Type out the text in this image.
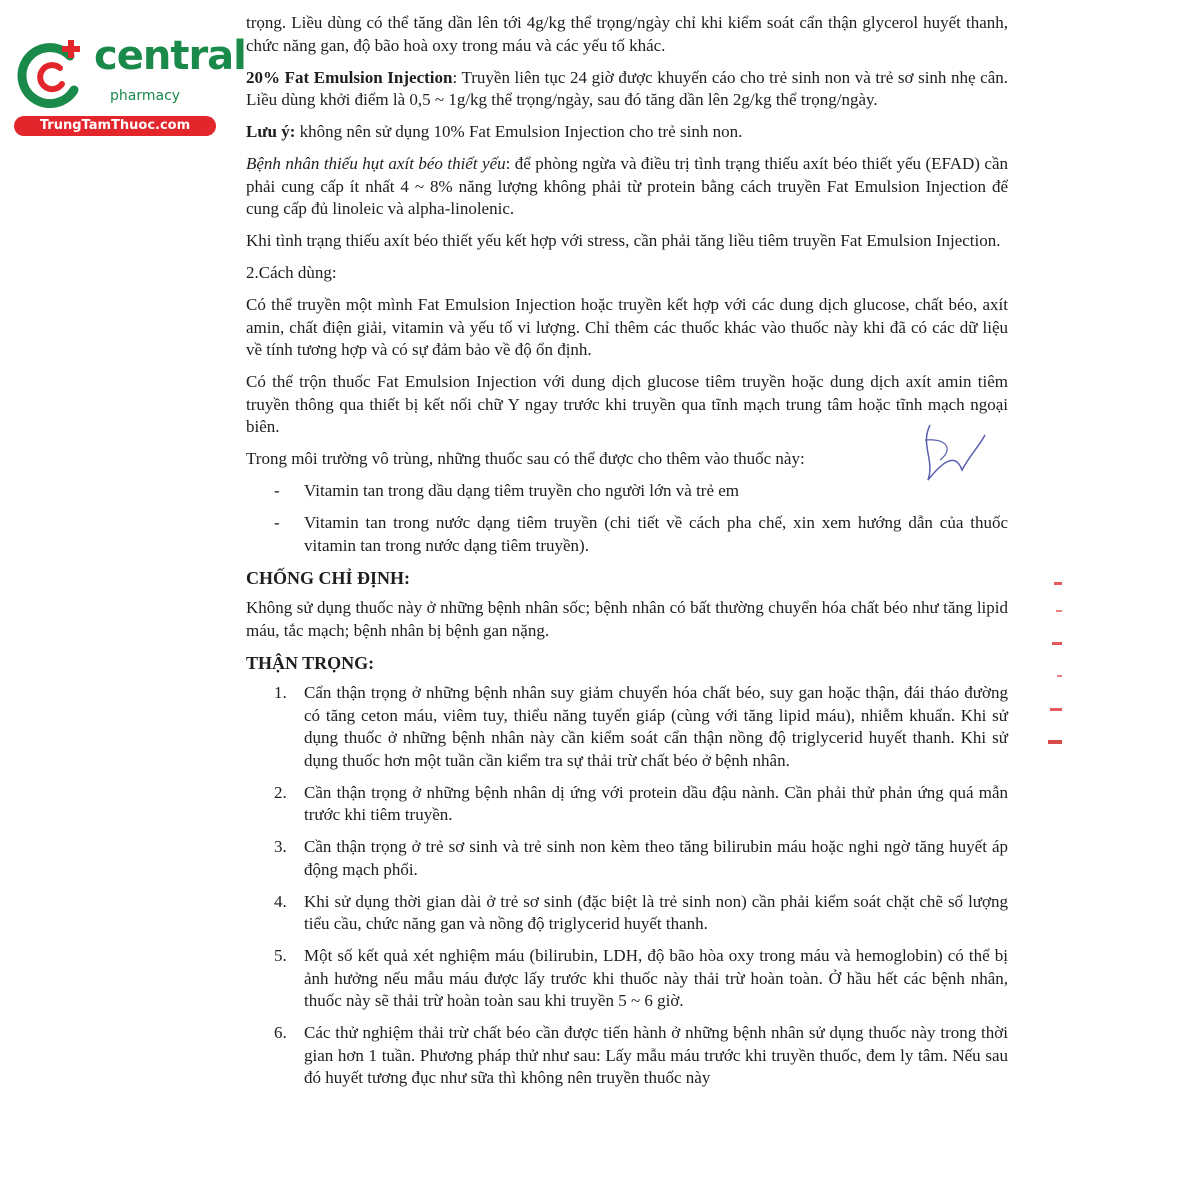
central
pharmacy
TrungTamThuoc.com

trọng. Liều dùng có thể tăng dần lên tới 4g/kg thể trọng/ngày chỉ khi kiểm soát cẩn thận glycerol huyết thanh, chức năng gan, độ bão hoà oxy trong máu và các yếu tố khác.

20% Fat Emulsion Injection: Truyền liên tục 24 giờ được khuyến cáo cho trẻ sinh non và trẻ sơ sinh nhẹ cân. Liều dùng khởi điểm là 0,5 ~ 1g/kg thể trọng/ngày, sau đó tăng dần lên 2g/kg thể trọng/ngày.

Lưu ý: không nên sử dụng 10% Fat Emulsion Injection cho trẻ sinh non.

Bệnh nhân thiếu hụt axít béo thiết yếu: để phòng ngừa và điều trị tình trạng thiếu axít béo thiết yếu (EFAD) cần phải cung cấp ít nhất 4 ~ 8% năng lượng không phải từ protein bằng cách truyền Fat Emulsion Injection để cung cấp đủ linoleic và alpha-linolenic.

Khi tình trạng thiếu axít béo thiết yếu kết hợp với stress, cần phải tăng liều tiêm truyền Fat Emulsion Injection.

2.Cách dùng:

Có thể truyền một mình Fat Emulsion Injection hoặc truyền kết hợp với các dung dịch glucose, chất béo, axít amin, chất điện giải, vitamin và yếu tố vi lượng. Chỉ thêm các thuốc khác vào thuốc này khi đã có các dữ liệu về tính tương hợp và có sự đảm bảo về độ ổn định.

Có thể trộn thuốc Fat Emulsion Injection với dung dịch glucose tiêm truyền hoặc dung dịch axít amin tiêm truyền thông qua thiết bị kết nối chữ Y ngay trước khi truyền qua tĩnh mạch trung tâm hoặc tĩnh mạch ngoại biên.

Trong môi trường vô trùng, những thuốc sau có thể được cho thêm vào thuốc này:

-	Vitamin tan trong dầu dạng tiêm truyền cho người lớn và trẻ em
-	Vitamin tan trong nước dạng tiêm truyền (chi tiết về cách pha chế, xin xem hướng dẫn của thuốc vitamin tan trong nước dạng tiêm truyền).
CHỐNG CHỈ ĐỊNH:

Không sử dụng thuốc này ở những bệnh nhân sốc; bệnh nhân có bất thường chuyển hóa chất béo như tăng lipid máu, tắc mạch; bệnh nhân bị bệnh gan nặng.

THẬN TRỌNG:
1.	Cẩn thận trọng ở những bệnh nhân suy giảm chuyển hóa chất béo, suy gan hoặc thận, đái tháo đường có tăng ceton máu, viêm tuy, thiểu năng tuyến giáp (cùng với tăng lipid máu), nhiễm khuẩn. Khi sử dụng thuốc ở những bệnh nhân này cần kiểm soát cẩn thận nồng độ triglycerid huyết thanh. Khi sử dụng thuốc hơn một tuần cần kiểm tra sự thải trừ chất béo ở bệnh nhân.
2.	Cần thận trọng ở những bệnh nhân dị ứng với protein dầu đậu nành. Cần phải thử phản ứng quá mẫn trước khi tiêm truyền.
3.	Cần thận trọng ở trẻ sơ sinh và trẻ sinh non kèm theo tăng bilirubin máu hoặc nghi ngờ tăng huyết áp động mạch phổi.
4.	Khi sử dụng thời gian dài ở trẻ sơ sinh (đặc biệt là trẻ sinh non) cần phải kiểm soát chặt chẽ số lượng tiểu cầu, chức năng gan và nồng độ triglycerid huyết thanh.
5.	Một số kết quả xét nghiệm máu (bilirubin, LDH, độ bão hòa oxy trong máu và hemoglobin) có thể bị ảnh hưởng nếu mẫu máu được lấy trước khi thuốc này thải trừ hoàn toàn. Ở hầu hết các bệnh nhân, thuốc này sẽ thải trừ hoàn toàn sau khi truyền 5 ~ 6 giờ.
6.	Các thử nghiệm thải trừ chất béo cần được tiến hành ở những bệnh nhân sử dụng thuốc này trong thời gian hơn 1 tuần. Phương pháp thử như sau: Lấy mẫu máu trước khi truyền thuốc, đem ly tâm. Nếu sau đó huyết tương đục như sữa thì không nên truyền thuốc này
